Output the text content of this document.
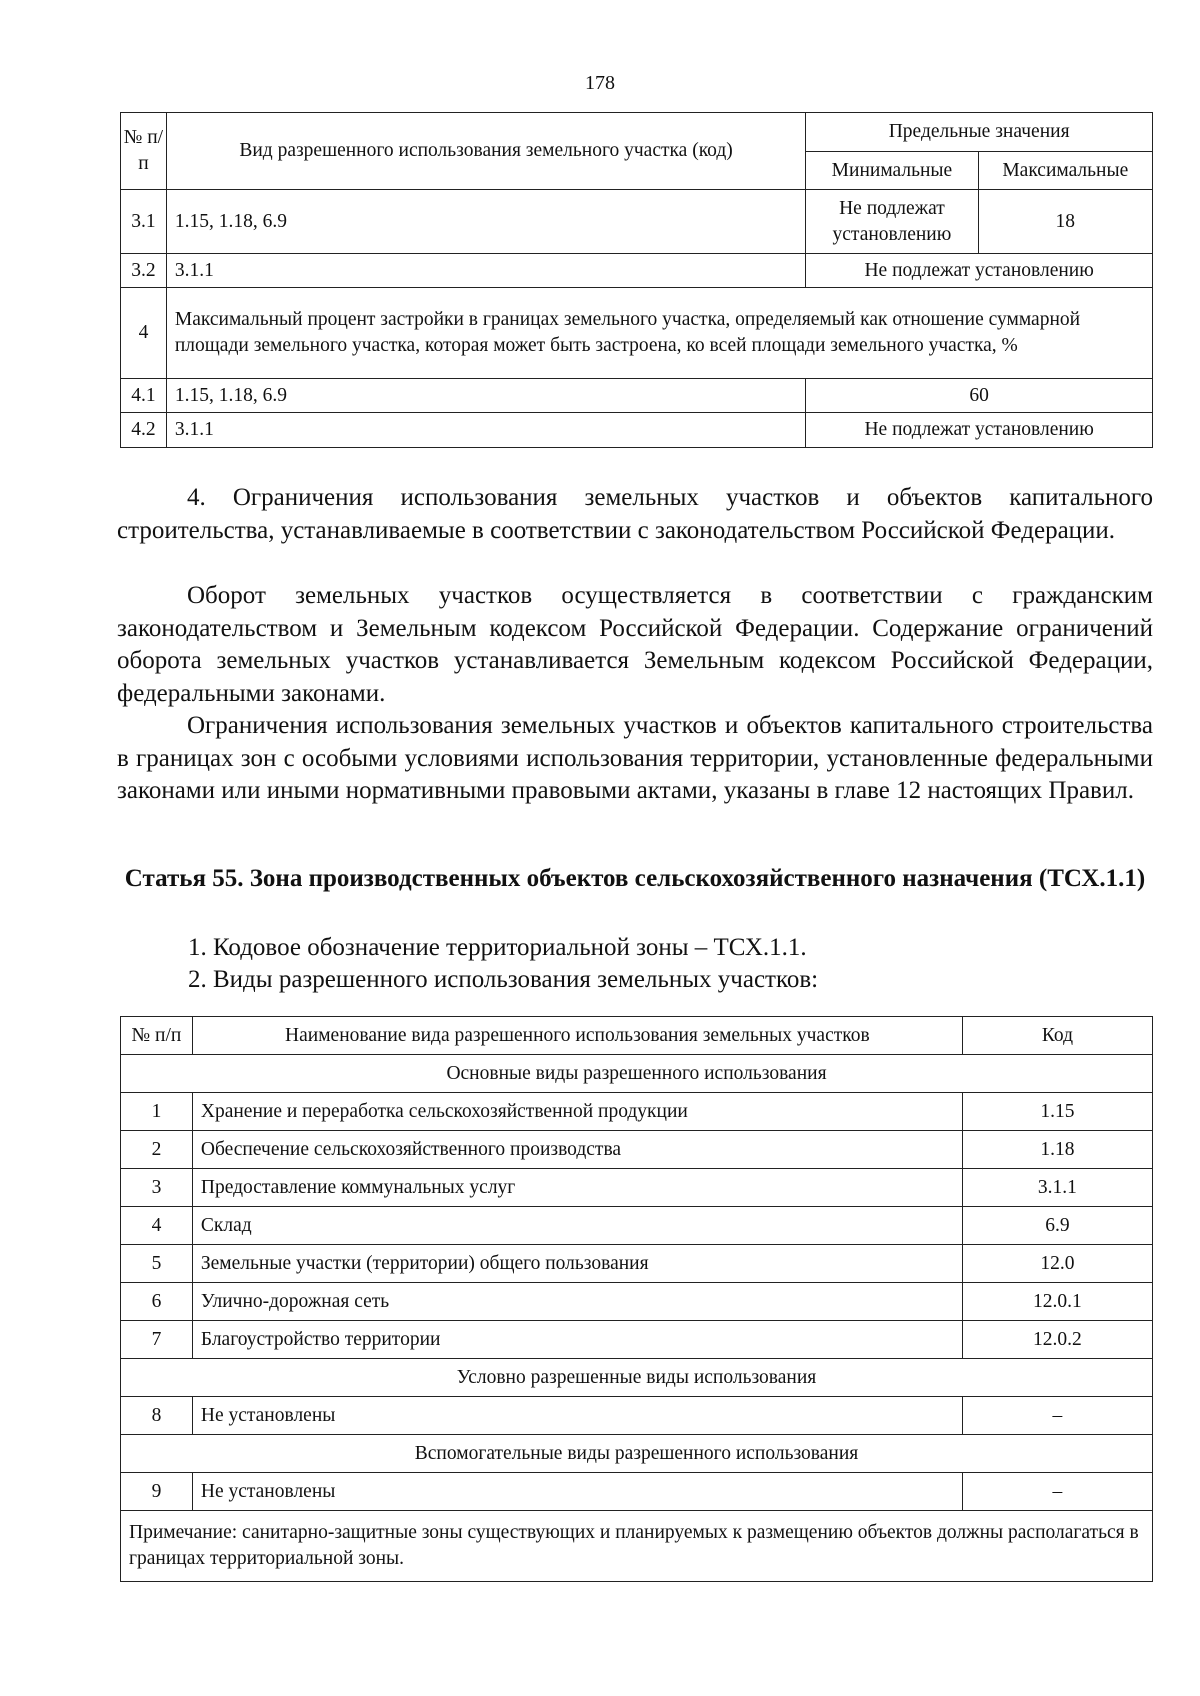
178
№ п/п	Вид разрешенного использования земельного участка (код)	Предельные значения	
		Минимальные	Максимальные
3.1	1.15, 1.18, 6.9	Не подлежат установлению	18
3.2	3.1.1	Не подлежат установлению	
4	Максимальный процент застройки в границах земельного участка, определяемый как отношение суммарной площади земельного участка, которая может быть застроена, ко всей площади земельного участка, %		
4.1	1.15, 1.18, 6.9	60	
4.2	3.1.1	Не подлежат установлению	

4. Ограничения использования земельных участков и объектов капитального строительства, устанавливаемые в соответствии с законодательством Российской Федерации.

Оборот земельных участков осуществляется в соответствии с гражданским законодательством и Земельным кодексом Российской Федерации. Содержание ограничений оборота земельных участков устанавливается Земельным кодексом Российской Федерации, федеральными законами.

Ограничения использования земельных участков и объектов капитального строительства в границах зон с особыми условиями использования территории, установленные федеральными законами или иными нормативными правовыми актами, указаны в главе 12 настоящих Правил.

Статья 55. Зона производственных объектов сельскохозяйственного назначения (ТСХ.1.1)

1. Кодовое обозначение территориальной зоны – ТСХ.1.1.

2. Виды разрешенного использования земельных участков:

№ п/п	Наименование вида разрешенного использования земельных участков	Код
Основные виды разрешенного использования		
1	Хранение и переработка сельскохозяйственной продукции	1.15
2	Обеспечение сельскохозяйственного производства	1.18
3	Предоставление коммунальных услуг	3.1.1
4	Склад	6.9
5	Земельные участки (территории) общего пользования	12.0
6	Улично-дорожная сеть	12.0.1
7	Благоустройство территории	12.0.2
Условно разрешенные виды использования		
8	Не установлены	–
Вспомогательные виды разрешенного использования		
9	Не установлены	–
Примечание: санитарно-защитные зоны существующих и планируемых к размещению объектов должны располагаться в границах территориальной зоны.		
